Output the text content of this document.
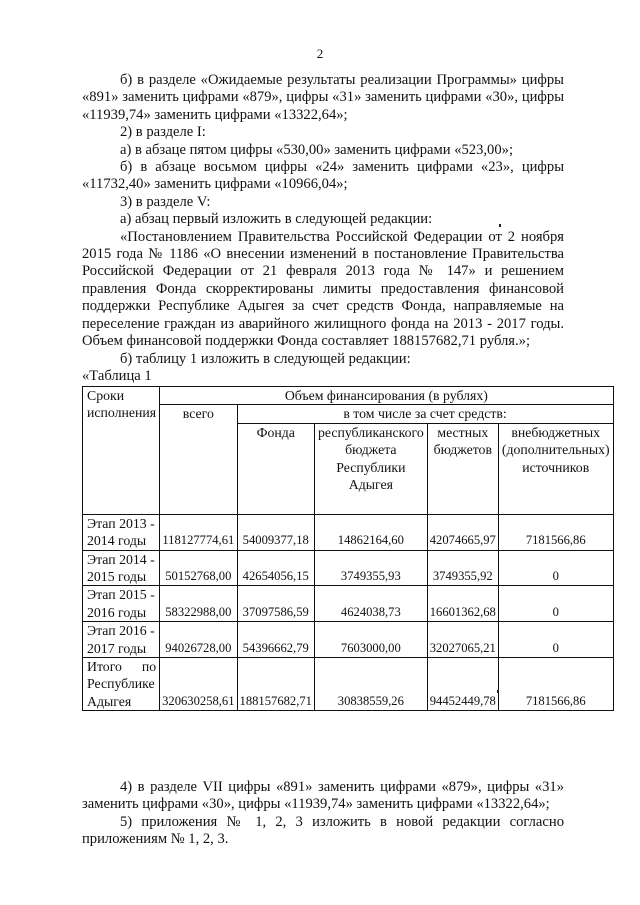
2

б) в разделе «Ожидаемые результаты реализации Программы» цифры «891» заменить цифрами «879», цифры «31» заменить цифрами «30», цифры «11939,74» заменить цифрами «13322,64»;

2) в разделе I:

а) в абзаце пятом цифры «530,00» заменить цифрами «523,00»;

б) в абзаце восьмом цифры «24» заменить цифрами «23», цифры «11732,40» заменить цифрами «10966,04»;

3) в разделе V:

а) абзац первый изложить в следующей редакции:

«Постановлением Правительства Российской Федерации от 2 ноября 2015 года № 1186 «О внесении изменений в постановление Правительства Российской Федерации от 21 февраля 2013 года № 147» и решением правления Фонда скорректированы лимиты предоставления финансовой поддержки Республике Адыгея за счет средств Фонда, направляемые на переселение граждан из аварийного жилищного фонда на 2013 - 2017 годы. Объем финансовой поддержки Фонда составляет 188157682,71 рубля.»;

б) таблицу 1 изложить в следующей редакции:

«Таблица 1

Сроки исполнения	Объем финансирования (в рублях)				
	всего	в том числе за счет средств:			
		Фонда	республиканского бюджета Республики Адыгея	местных бюджетов	внебюджетных (дополнительных) источников
Этап 2013 - 2014 годы	118127774,61	54009377,18	14862164,60	42074665,97	7181566,86
Этап 2014 - 2015 годы	50152768,00	42654056,15	3749355,93	3749355,92	0
Этап 2015 - 2016 годы	58322988,00	37097586,59	4624038,73	16601362,68	0
Этап 2016 - 2017 годы	94026728,00	54396662,79	7603000,00	32027065,21	0
Итого по Республике Адыгея	320630258,61	188157682,71	30838559,26	94452449,78	7181566,86

4) в разделе VII цифры «891» заменить цифрами «879», цифры «31» заменить цифрами «30», цифры «11939,74» заменить цифрами «13322,64»;

5) приложения № 1, 2, 3 изложить в новой редакции согласно приложениям № 1, 2, 3.
